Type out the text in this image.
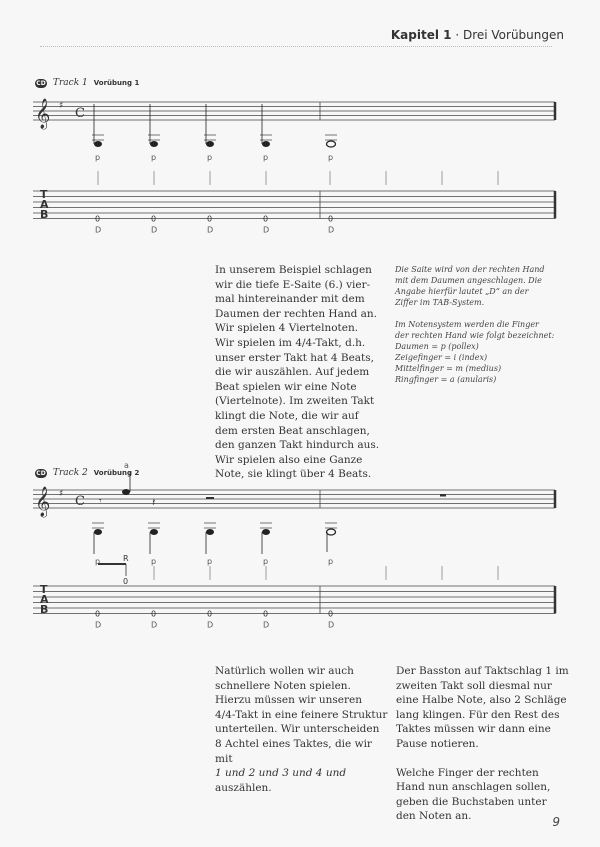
Kapitel 1 · Drei Vorübungen
CD Track 1 Vorübung 1
𝄞 ♯ C
p	p	p	p	p
T
A
B	0
D
0
D
0
D
0
D
0
D
In unserem Beispiel schlagen
wir die tiefe E-Saite (6.) vier-
mal hintereinander mit dem
Daumen der rechten Hand an.
Wir spielen 4 Viertelnoten.
Wir spielen im 4/4-Takt, d.h.
unser erster Takt hat 4 Beats,
die wir auszählen. Auf jedem
Beat spielen wir eine Note
(Viertelnote). Im zweiten Takt
klingt die Note, die wir auf
dem ersten Beat anschlagen,
den ganzen Takt hindurch aus.
Wir spielen also eine Ganze
Note, sie klingt über 4 Beats.
Die Saite wird von der rechten Hand
mit dem Daumen angeschlagen. Die
Angabe hierfür lautet „D“ an der
Ziffer im TAB-System.
Im Notensystem werden die Finger
der rechten Hand wie folgt bezeichnet:
Daumen = p (pollex)
Zeigefinger = i (index)
Mittelfinger = m (medius)
Ringfinger = a (anularis)
CD Track 2 Vorübung 2
𝄞 ♯ C
p	p	p	p	p
T
A
B	0
D
0
D
0
D
0
D
0
D
a
𝄾	𝄽
R
0
Natürlich wollen wir auch
schnellere Noten spielen.
Hierzu müssen wir unseren
4/4-Takt in eine feinere Struktur
unterteilen. Wir unterscheiden
8 Achtel eines Taktes, die wir
mit
1 und 2 und 3 und 4 und
auszählen.
Der Basston auf Taktschlag 1 im
zweiten Takt soll diesmal nur
eine Halbe Note, also 2 Schläge
lang klingen. Für den Rest des
Taktes müssen wir dann eine
Pause notieren.
Welche Finger der rechten
Hand nun anschlagen sollen,
geben die Buchstaben unter
den Noten an.	9
